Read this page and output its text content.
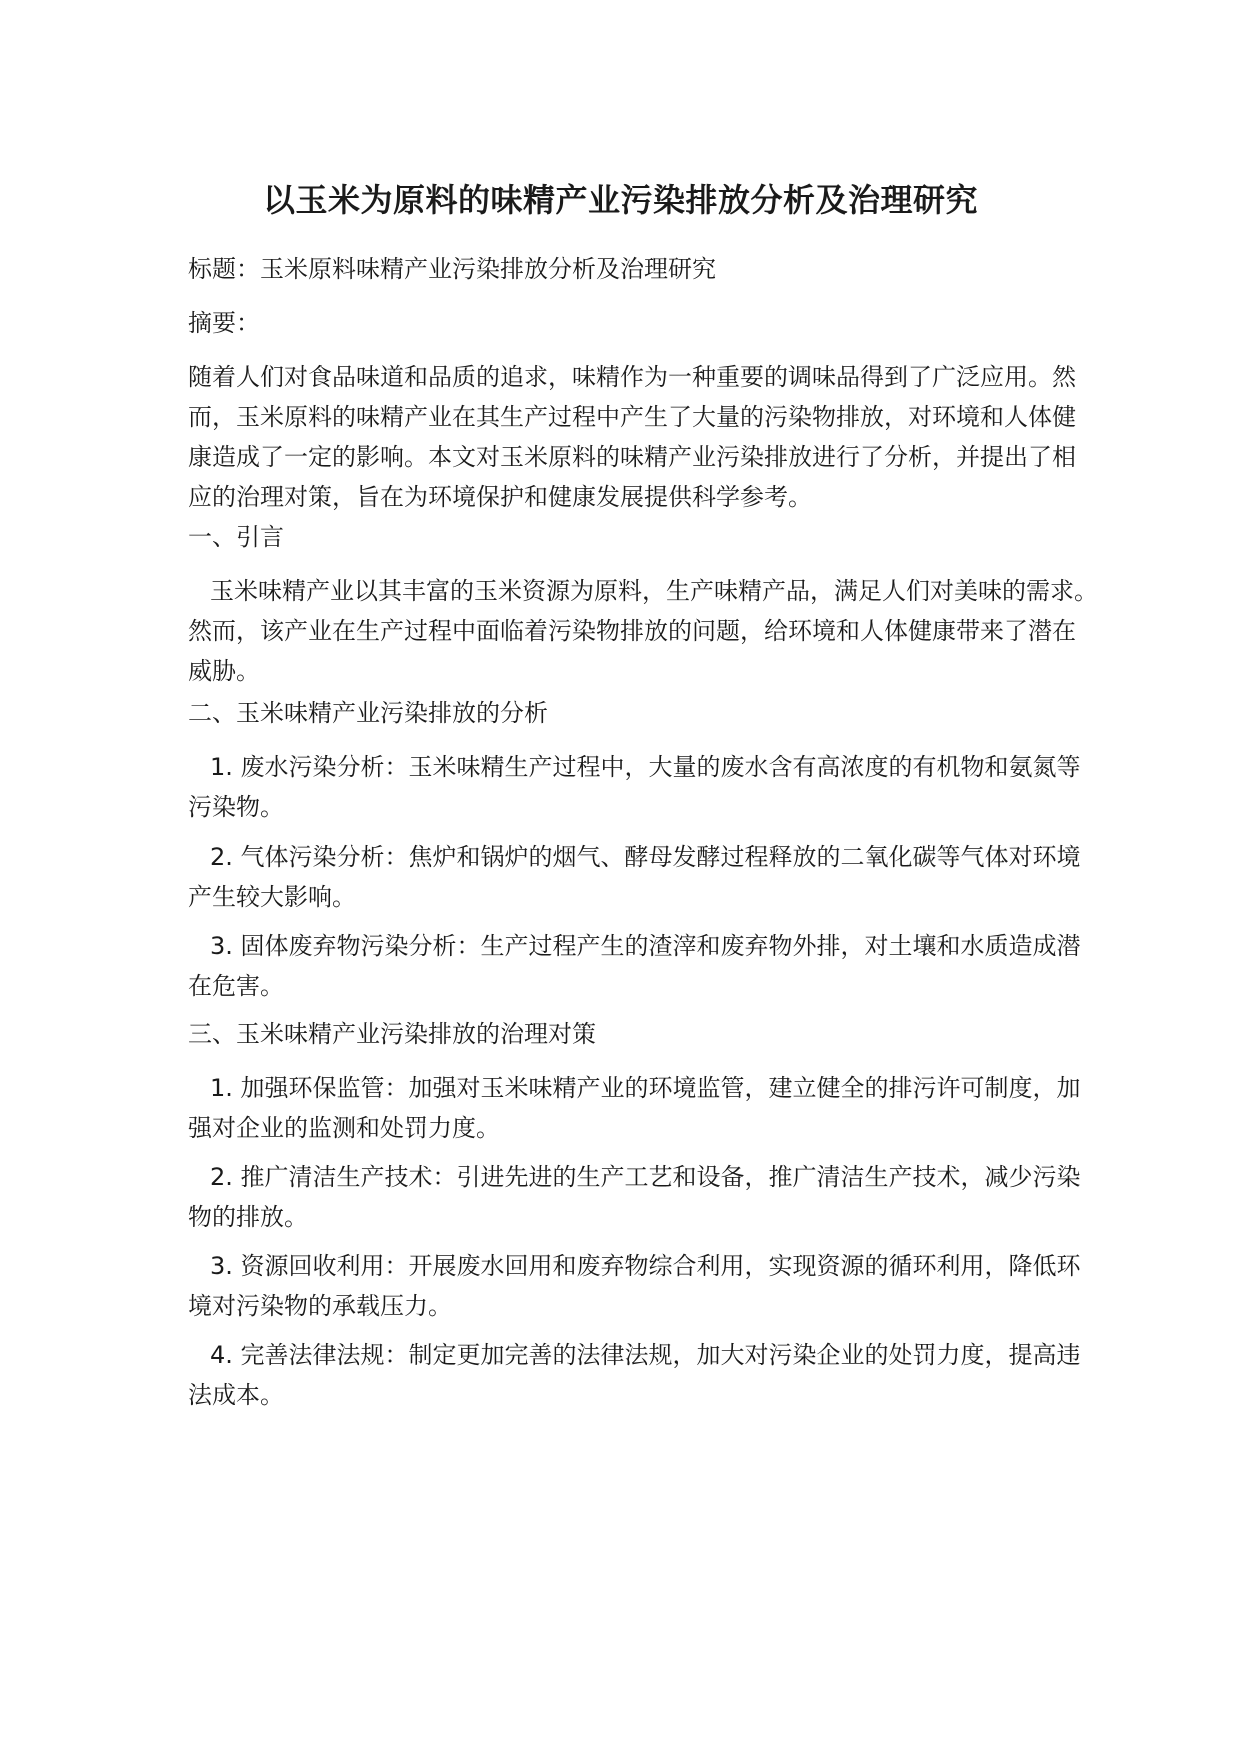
以玉米为原料的味精产业污染排放分析及治理研究
标题：玉米原料味精产业污染排放分析及治理研究
摘要：
随着人们对食品味道和品质的追求，味精作为一种重要的调味品得到了广泛应用。然
而，玉米原料的味精产业在其生产过程中产生了大量的污染物排放，对环境和人体健
康造成了一定的影响。本文对玉米原料的味精产业污染排放进行了分析，并提出了相
应的治理对策，旨在为环境保护和健康发展提供科学参考。
一、引言
玉米味精产业以其丰富的玉米资源为原料，生产味精产品，满足人们对美味的需求。
然而，该产业在生产过程中面临着污染物排放的问题，给环境和人体健康带来了潜在
威胁。
二、玉米味精产业污染排放的分析
1. 废水污染分析：玉米味精生产过程中，大量的废水含有高浓度的有机物和氨氮等
污染物。
2. 气体污染分析：焦炉和锅炉的烟气、酵母发酵过程释放的二氧化碳等气体对环境
产生较大影响。
3. 固体废弃物污染分析：生产过程产生的渣滓和废弃物外排，对土壤和水质造成潜
在危害。
三、玉米味精产业污染排放的治理对策
1. 加强环保监管：加强对玉米味精产业的环境监管，建立健全的排污许可制度，加
强对企业的监测和处罚力度。
2. 推广清洁生产技术：引进先进的生产工艺和设备，推广清洁生产技术，减少污染
物的排放。
3. 资源回收利用：开展废水回用和废弃物综合利用，实现资源的循环利用，降低环
境对污染物的承载压力。
4. 完善法律法规：制定更加完善的法律法规，加大对污染企业的处罚力度，提高违
法成本。
